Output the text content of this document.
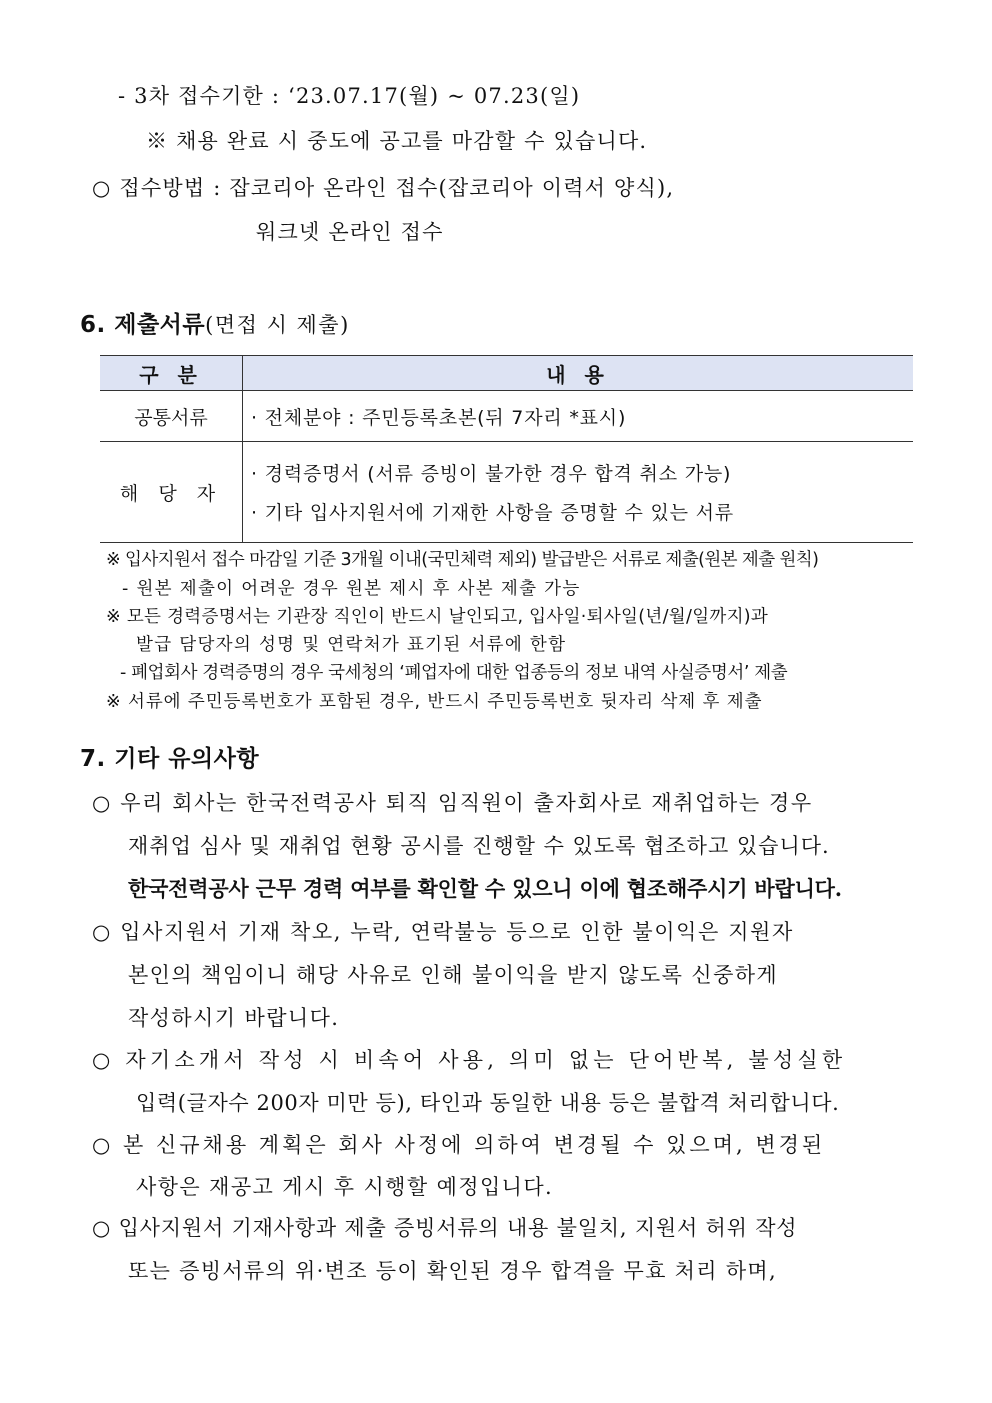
- 3차 접수기한 : ‘23.07.17(월) ~ 07.23(일)
※ 채용 완료 시 중도에 공고를 마감할 수 있습니다.
○ 접수방법 : 잡코리아 온라인 접수(잡코리아 이력서 양식),
워크넷 온라인 접수
6. 제출서류(면접 시 제출)
구 분	내 용
공통서류	· 전체분야 : 주민등록초본(뒤 7자리 *표시)
해 당 자	· 경력증명서 (서류 증빙이 불가한 경우 합격 취소 가능)
· 기타 입사지원서에 기재한 사항을 증명할 수 있는 서류
※ 입사지원서 접수 마감일 기준 3개월 이내(국민체력 제외) 발급받은 서류로 제출(원본 제출 원칙)
- 원본 제출이 어려운 경우 원본 제시 후 사본 제출 가능
※ 모든 경력증명서는 기관장 직인이 반드시 날인되고, 입사일·퇴사일(년/월/일까지)과
발급 담당자의 성명 및 연락처가 표기된 서류에 한함
- 폐업회사 경력증명의 경우 국세청의 ‘폐업자에 대한 업종등의 정보 내역 사실증명서’ 제출
※ 서류에 주민등록번호가 포함된 경우, 반드시 주민등록번호 뒷자리 삭제 후 제출
7. 기타 유의사항
○ 우리 회사는 한국전력공사 퇴직 임직원이 출자회사로 재취업하는 경우
재취업 심사 및 재취업 현황 공시를 진행할 수 있도록 협조하고 있습니다.
한국전력공사 근무 경력 여부를 확인할 수 있으니 이에 협조해주시기 바랍니다.
○ 입사지원서 기재 착오, 누락, 연락불능 등으로 인한 불이익은 지원자
본인의 책임이니 해당 사유로 인해 불이익을 받지 않도록 신중하게
작성하시기 바랍니다.
○ 자기소개서 작성 시 비속어 사용, 의미 없는 단어반복, 불성실한
입력(글자수 200자 미만 등), 타인과 동일한 내용 등은 불합격 처리합니다.
○ 본 신규채용 계획은 회사 사정에 의하여 변경될 수 있으며, 변경된
사항은 재공고 게시 후 시행할 예정입니다.
○ 입사지원서 기재사항과 제출 증빙서류의 내용 불일치, 지원서 허위 작성
또는 증빙서류의 위·변조 등이 확인된 경우 합격을 무효 처리 하며,
